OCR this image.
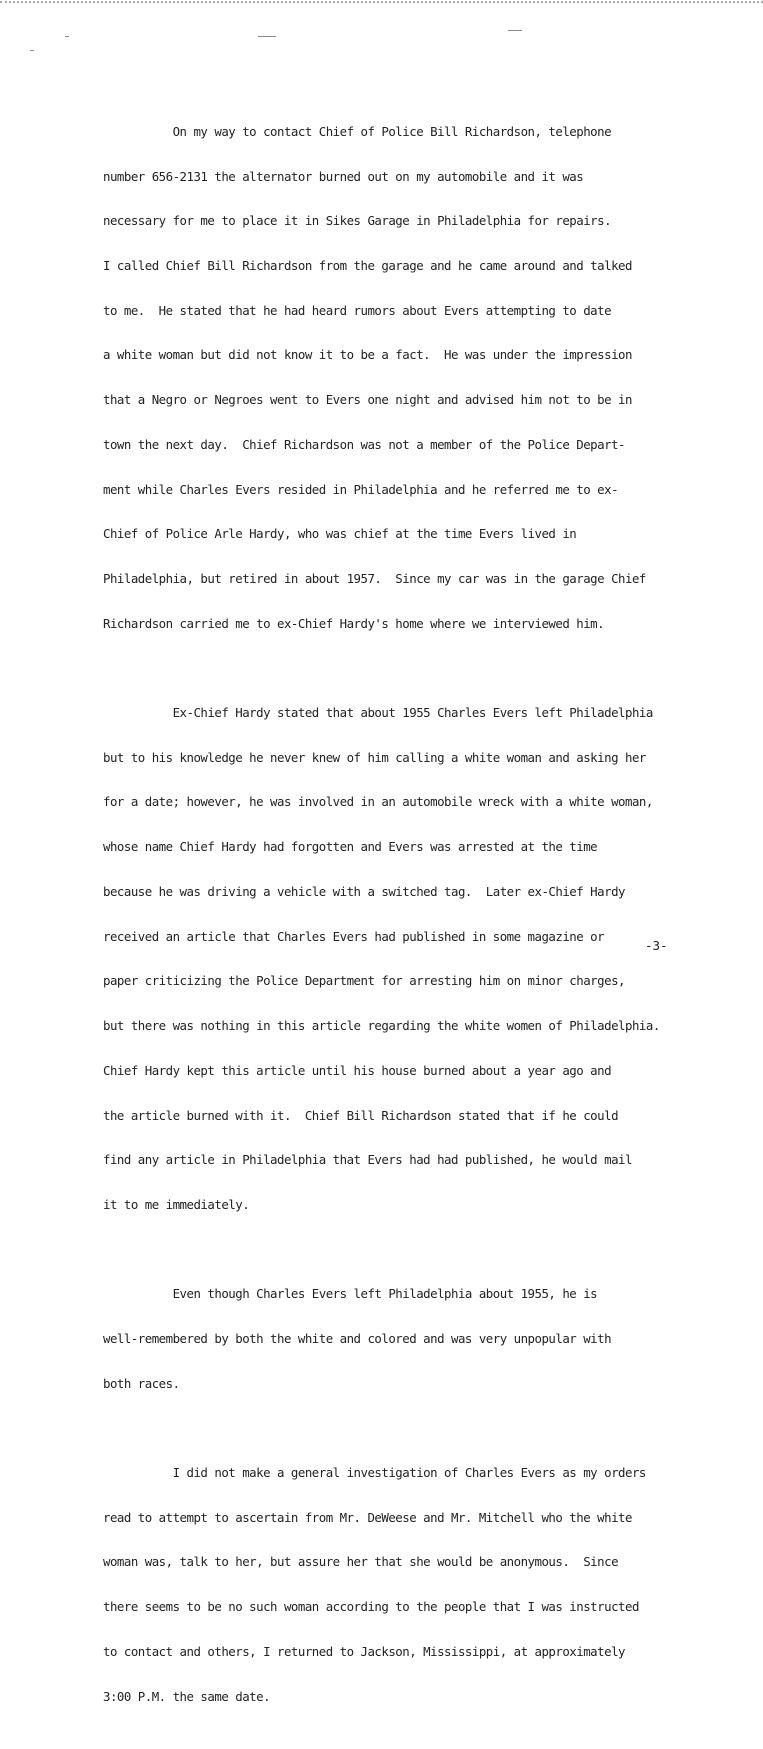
On my way to contact Chief of Police Bill Richardson, telephone

number 656-2131 the alternator burned out on my automobile and it was

necessary for me to place it in Sikes Garage in Philadelphia for repairs.

I called Chief Bill Richardson from the garage and he came around and talked

to me.  He stated that he had heard rumors about Evers attempting to date

a white woman but did not know it to be a fact.  He was under the impression

that a Negro or Negroes went to Evers one night and advised him not to be in

town the next day.  Chief Richardson was not a member of the Police Depart-

ment while Charles Evers resided in Philadelphia and he referred me to ex-

Chief of Police Arle Hardy, who was chief at the time Evers lived in

Philadelphia, but retired in about 1957.  Since my car was in the garage Chief

Richardson carried me to ex-Chief Hardy's home where we interviewed him.

Ex-Chief Hardy stated that about 1955 Charles Evers left Philadelphia

but to his knowledge he never knew of him calling a white woman and asking her

for a date; however, he was involved in an automobile wreck with a white woman,

whose name Chief Hardy had forgotten and Evers was arrested at the time

because he was driving a vehicle with a switched tag.  Later ex-Chief Hardy

received an article that Charles Evers had published in some magazine or

paper criticizing the Police Department for arresting him on minor charges,

but there was nothing in this article regarding the white women of Philadelphia.

Chief Hardy kept this article until his house burned about a year ago and

the article burned with it.  Chief Bill Richardson stated that if he could

find any article in Philadelphia that Evers had had published, he would mail

it to me immediately.

Even though Charles Evers left Philadelphia about 1955, he is

well-remembered by both the white and colored and was very unpopular with

both races.

I did not make a general investigation of Charles Evers as my orders

read to attempt to ascertain from Mr. DeWeese and Mr. Mitchell who the white

woman was, talk to her, but assure her that she would be anonymous.  Since

there seems to be no such woman according to the people that I was instructed

to contact and others, I returned to Jackson, Mississippi, at approximately

3:00 P.M. the same date.

-3-
